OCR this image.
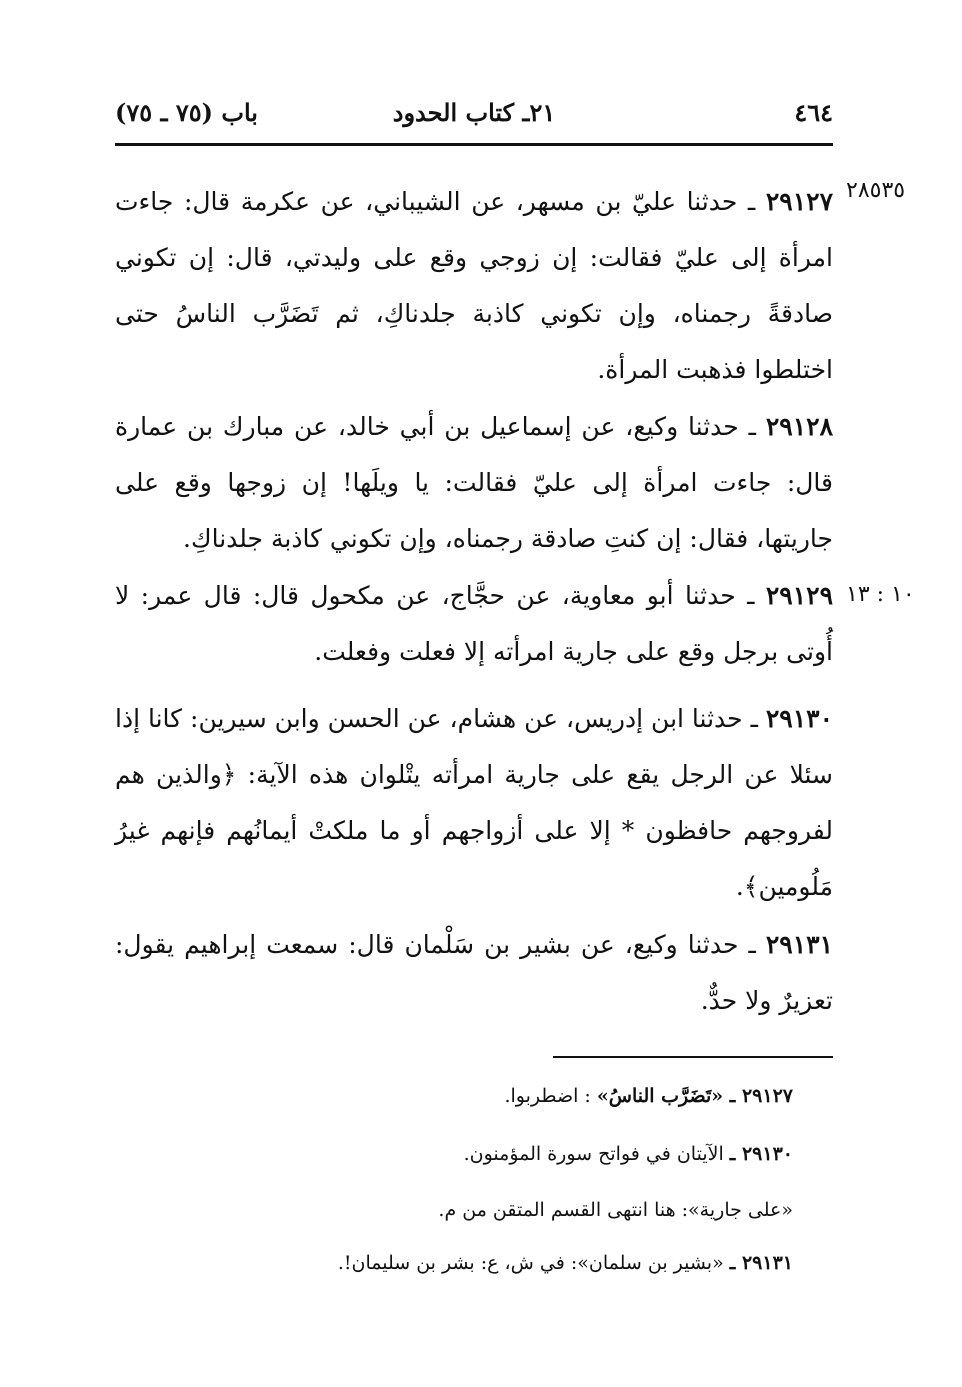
٤٦٤
٢١ـ كتاب الحدود
باب (٧٥ ـ ٧٥)
٢٨٥٣٥
١٠ : ١٣

٢٩١٢٧ ـ حدثنا عليّ بن مسهر، عن الشيباني، عن عكرمة قال: جاءت امرأة إلى عليّ فقالت: إن زوجي وقع على وليدتي، قال: إن تكوني صادقةً رجمناه، وإن تكوني كاذبة جلدناكِ، ثم تَضَرَّب الناسُ حتى اختلطوا فذهبت المرأة.

٢٩١٢٨ ـ حدثنا وكيع، عن إسماعيل بن أبي خالد، عن مبارك بن عمارة قال: جاءت امرأة إلى عليّ فقالت: يا ويلَها! إن زوجها وقع على جاريتها، فقال: إن كنتِ صادقة رجمناه، وإن تكوني كاذبة جلدناكِ.

٢٩١٢٩ ـ حدثنا أبو معاوية، عن حجَّاج، عن مكحول قال: قال عمر: لا أُوتى برجل وقع على جارية امرأته إلا فعلت وفعلت.

٢٩١٣٠ ـ حدثنا ابن إدريس، عن هشام، عن الحسن وابن سيرين: كانا إذا سئلا عن الرجل يقع على جارية امرأته يتْلوان هذه الآية: ﴿والذين هم لفروجهم حافظون * إلا على أزواجهم أو ما ملكتْ أيمانُهم فإنهم غيرُ مَلُومين﴾.

٢٩١٣١ ـ حدثنا وكيع، عن بشير بن سَلْمان قال: سمعت إبراهيم يقول: تعزيرٌ ولا حدٌّ.

٢٩١٢٧ ـ «تَضَرَّب الناسُ» : اضطربوا.

٢٩١٣٠ ـ الآيتان في فواتح سورة المؤمنون.

«على جارية»: هنا انتهى القسم المتقن من م.

٢٩١٣١ ـ «بشير بن سلمان»: في ش، ع: بشر بن سليمان!.
